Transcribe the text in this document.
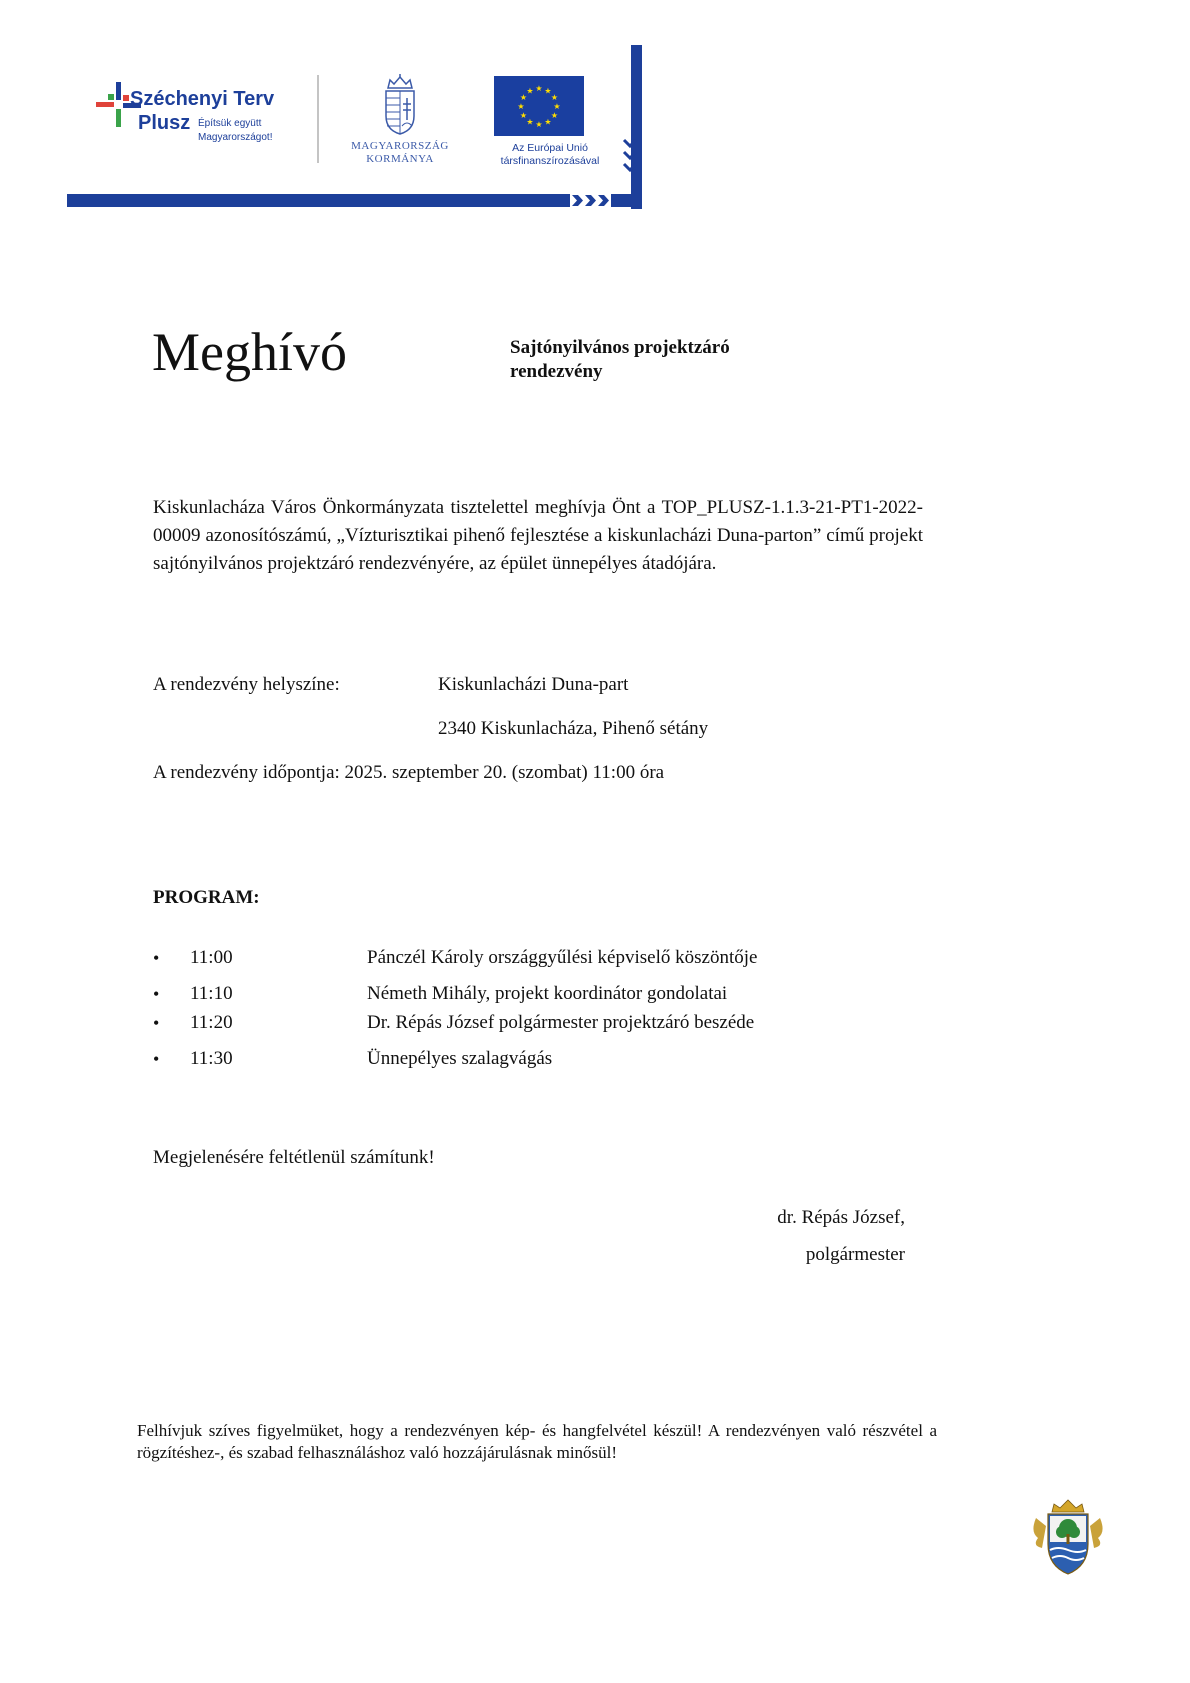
Széchenyi Terv
Plusz Építsük együtt
Magyarországot!
MAGYARORSZÁG
KORMÁNYA
★ ★
★
★
★
★
★
★
★
★
★
★
Az Európai Unió
társfinanszírozásával
Meghívó	Sajtónyilvános projektzáró
rendezvény

Kiskunlacháza Város Önkormányzata tisztelettel meghívja Önt a TOP_PLUSZ-1.1.3-21-PT1-2022-00009 azonosítószámú, „Vízturisztikai pihenő fejlesztése a kiskunlacházi Duna-parton” című projekt sajtónyilvános projektzáró rendezvényére, az épület ünnepélyes átadójára.

A rendezvény helyszíne:	Kiskunlacházi Duna-part
2340 Kiskunlacháza, Pihenő sétány
A rendezvény időpontja: 2025. szeptember 20. (szombat) 11:00 óra
PROGRAM:
• 11:00	Pánczél Károly országgyűlési képviselő köszöntője
• 11:10	Németh Mihály, projekt koordinátor gondolatai
• 11:20	Dr. Répás József polgármester projektzáró beszéde
• 11:30	Ünnepélyes szalagvágás
Megjelenésére feltétlenül számítunk!
dr. Répás József,
polgármester

Felhívjuk szíves figyelmüket, hogy a rendezvényen kép- és hangfelvétel készül! A rendezvényen való részvétel a rögzítéshez-, és szabad felhasználáshoz való hozzájárulásnak minősül!
